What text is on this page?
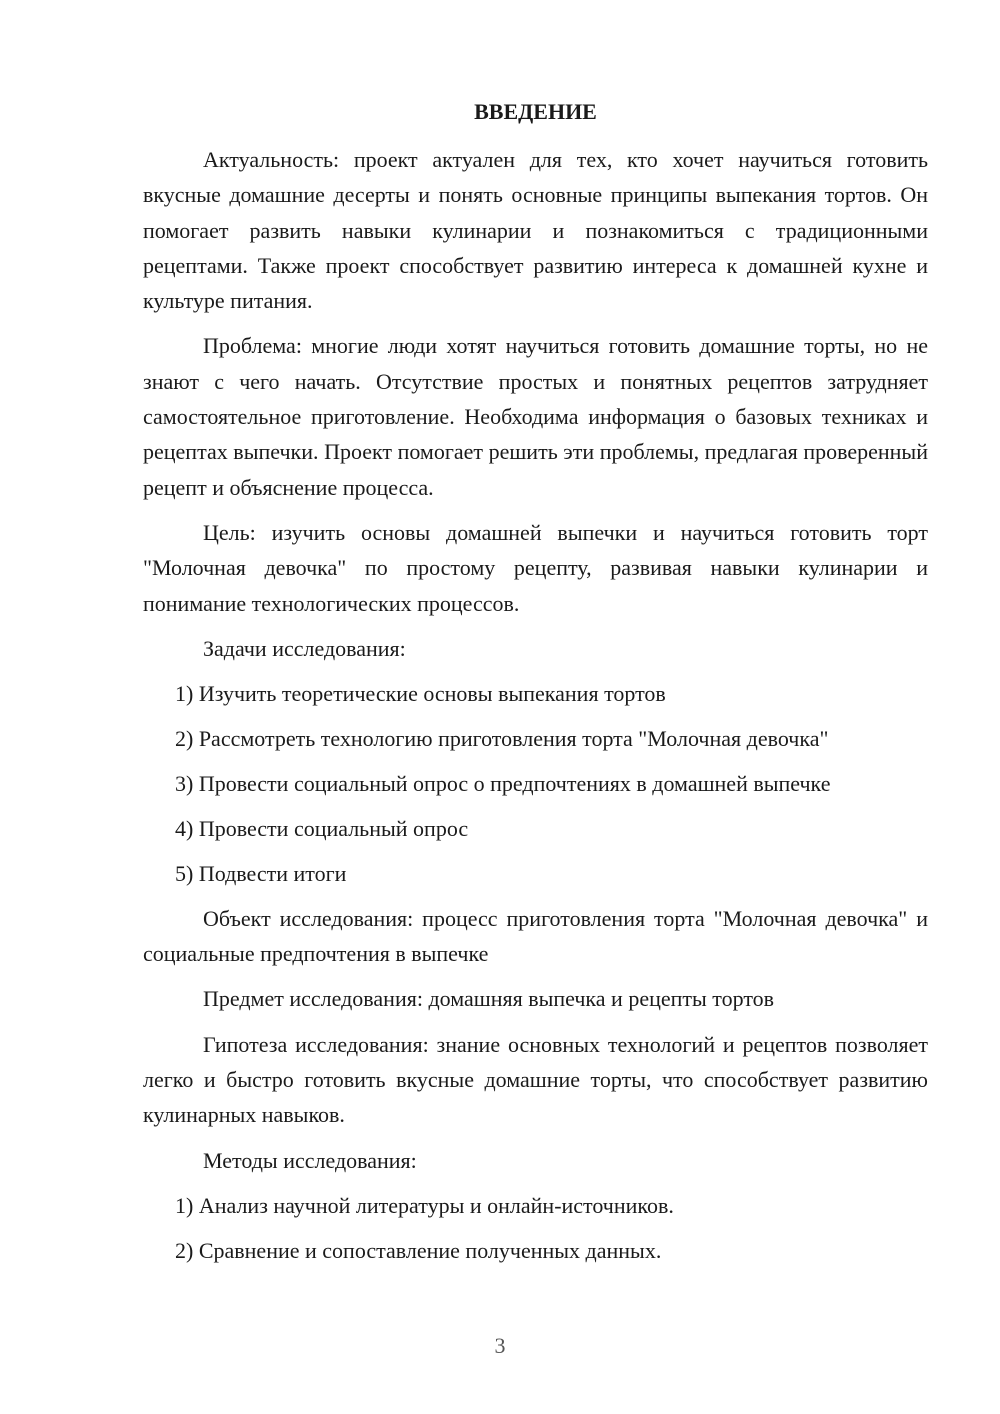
ВВЕДЕНИЕ

Актуальность: проект актуален для тех, кто хочет научиться готовить вкусные домашние десерты и понять основные принципы выпекания тортов. Он помогает развить навыки кулинарии и познакомиться с традиционными рецептами. Также проект способствует развитию интереса к домашней кухне и культуре питания.

Проблема: многие люди хотят научиться готовить домашние торты, но не знают с чего начать. Отсутствие простых и понятных рецептов затрудняет самостоятельное приготовление. Необходима информация о базовых техниках и рецептах выпечки. Проект помогает решить эти проблемы, предлагая проверенный рецепт и объяснение процесса.

Цель: изучить основы домашней выпечки и научиться готовить торт "Молочная девочка" по простому рецепту, развивая навыки кулинарии и понимание технологических процессов.

Задачи исследования:

1) Изучить теоретические основы выпекания тортов
2) Рассмотреть технологию приготовления торта "Молочная девочка"
3) Провести социальный опрос о предпочтениях в домашней выпечке
4) Провести социальный опрос
5) Подвести итоги

Объект исследования: процесс приготовления торта "Молочная девочка" и социальные предпочтения в выпечке

Предмет исследования: домашняя выпечка и рецепты тортов

Гипотеза исследования: знание основных технологий и рецептов позволяет легко и быстро готовить вкусные домашние торты, что способствует развитию кулинарных навыков.

Методы исследования:

1) Анализ научной литературы и онлайн-источников.
2) Сравнение и сопоставление полученных данных.
3
